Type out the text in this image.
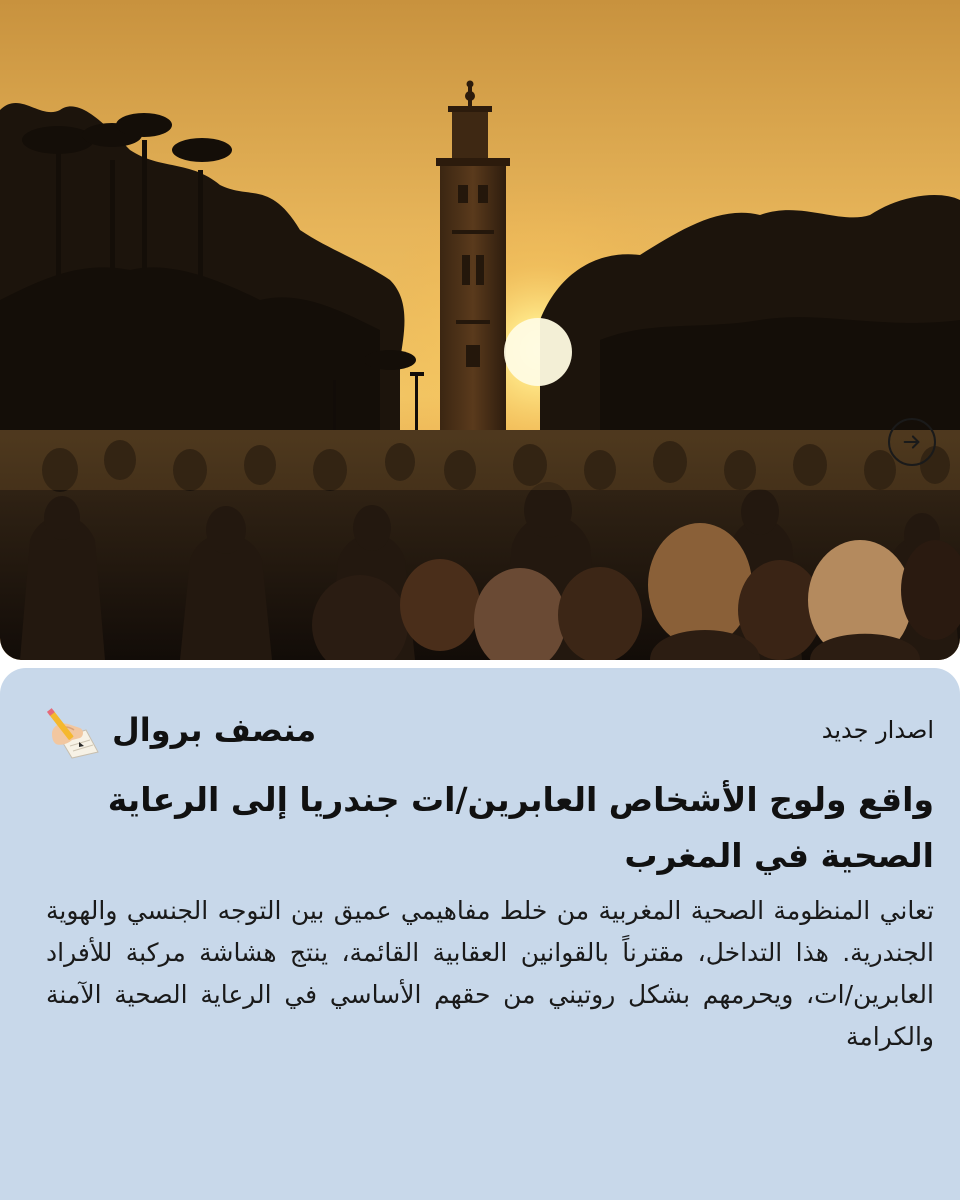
اصدار جديد
منصف بروال
واقع ولوج الأشخاص العابرين/ات جندريا إلى الرعاية الصحية في المغرب

تعاني المنظومة الصحية المغربية من خلط مفاهيمي عميق بين التوجه الجنسي والهوية الجندرية. هذا التداخل، مقترناً بالقوانين العقابية القائمة، ينتج هشاشة مركبة للأفراد العابرين/ات، ويحرمهم بشكل روتيني من حقهم الأساسي في الرعاية الصحية الآمنة والكرامة
